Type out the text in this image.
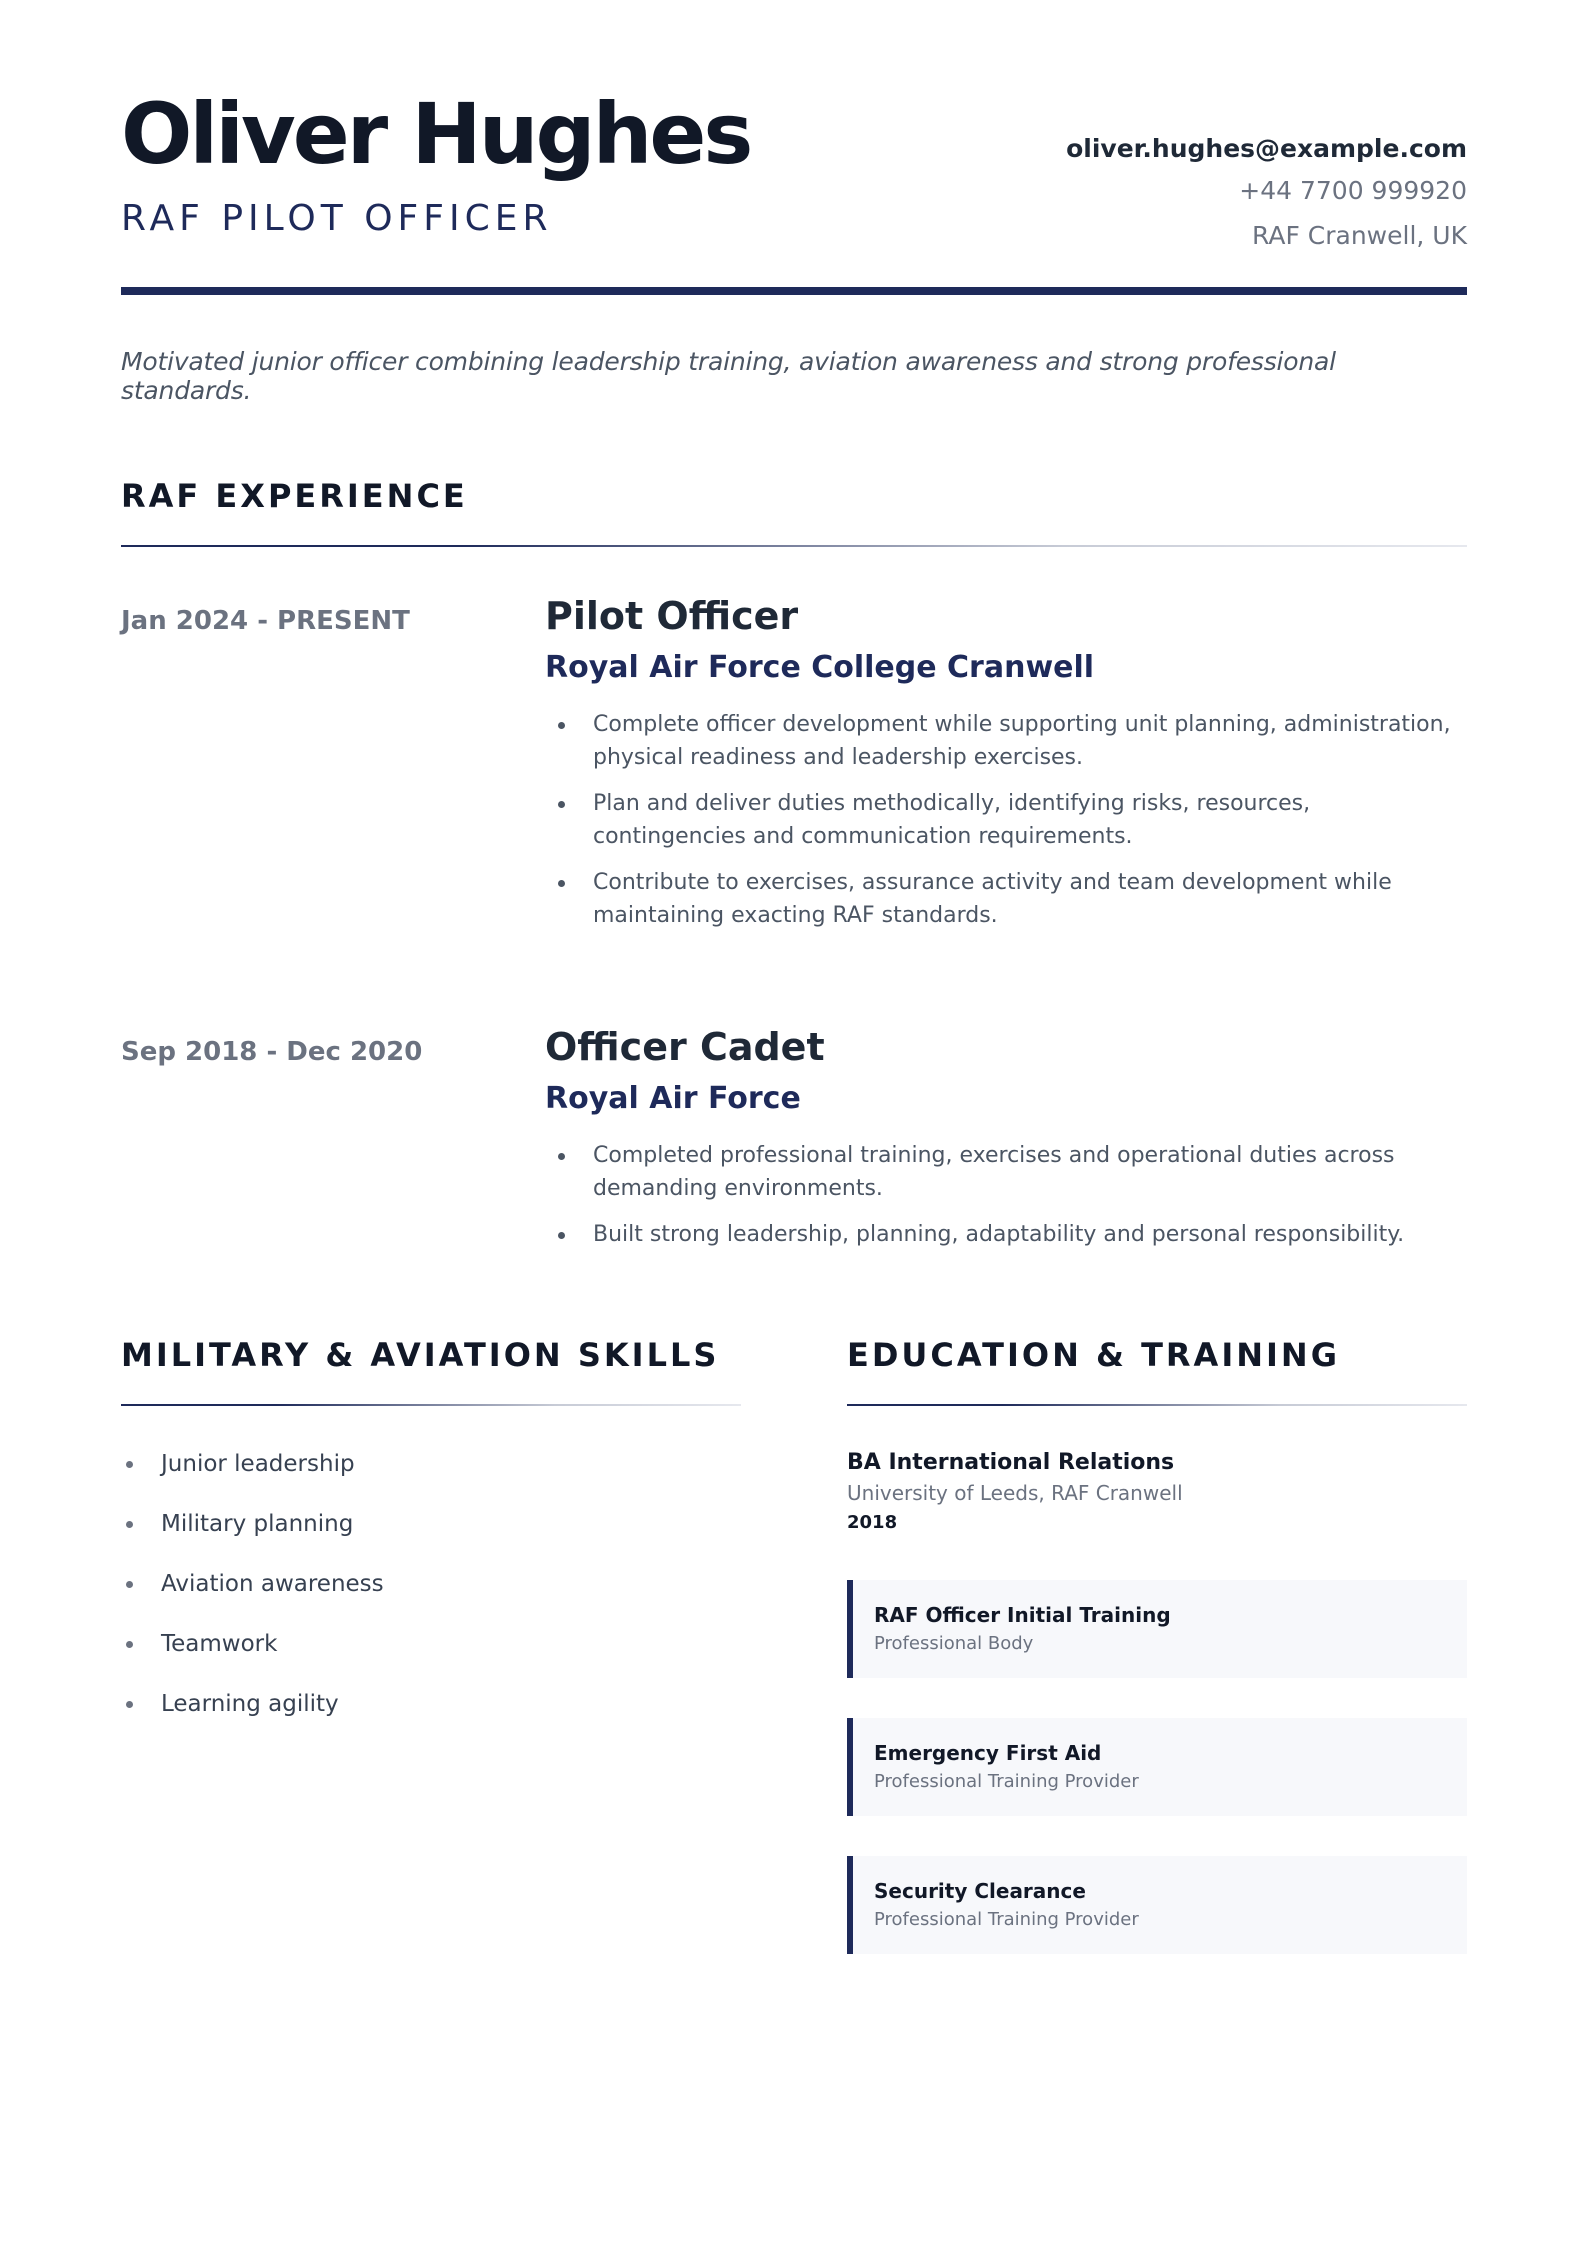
Oliver Hughes
RAF PILOT OFFICER
oliver.hughes@example.com
+44 7700 999920
RAF Cranwell, UK
Motivated junior officer combining leadership training, aviation awareness and strong professional standards.
RAF EXPERIENCE
Jan 2024 - PRESENT	Pilot Officer
Royal Air Force College Cranwell
Complete officer development while supporting unit planning, administration, physical readiness and leadership exercises.
Plan and deliver duties methodically, identifying risks, resources, contingencies and communication requirements.
Contribute to exercises, assurance activity and team development while maintaining exacting RAF standards.
Sep 2018 - Dec 2020	Officer Cadet
Royal Air Force
Completed professional training, exercises and operational duties across demanding environments.
Built strong leadership, planning, adaptability and personal responsibility.
MILITARY & AVIATION SKILLS
Junior leadership
Military planning
Aviation awareness
Teamwork
Learning agility
EDUCATION & TRAINING
BA International Relations
University of Leeds, RAF Cranwell
2018
RAF Officer Initial Training
Professional Body
Emergency First Aid
Professional Training Provider
Security Clearance
Professional Training Provider
